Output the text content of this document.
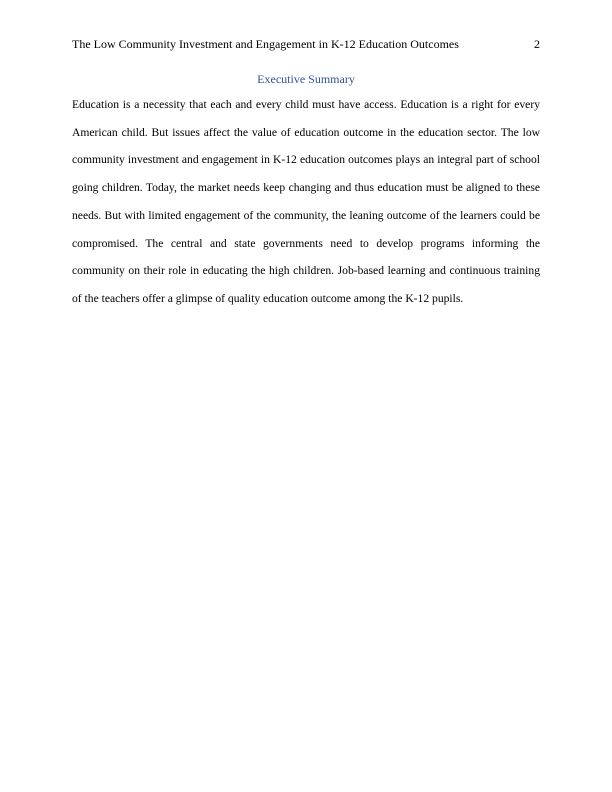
The Low Community Investment and Engagement in K-12 Education Outcomes	2
Executive Summary

Education is a necessity that each and every child must have access. Education is a right for every American child. But issues affect the value of education outcome in the education sector. The low community investment and engagement in K-12 education outcomes plays an integral part of school going children. Today, the market needs keep changing and thus education must be aligned to these needs. But with limited engagement of the community, the leaning outcome of the learners could be compromised. The central and state governments need to develop programs informing the community on their role in educating the high children. Job-based learning and continuous training of the teachers offer a glimpse of quality education outcome among the K-12 pupils.
